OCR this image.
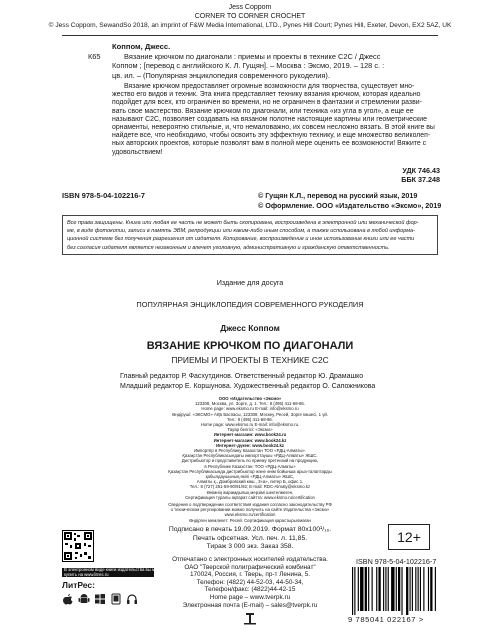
Jess Coppom
CORNER TO CORNER CROCHET
© Jess Coppom, SewandSo 2018, an imprint of F&W Media International, LTD., Pynes Hill Court; Pynes Hill, Exeter, Devon, EX2 5AZ, UK
Коппом, Джесс.
К65	Вязание крючком по диагонали : приемы и проекты в технике C2C / Джесс
Коппом ; [перевод с английского К. Л. Гущян]. – Москва : Эксмо, 2019. – 128 с. :
цв. ил. – (Популярная энциклопедия современного рукоделия).
Вязание крючком предоставляет огромные возможности для творчества, существует мно-
жество его видов и техник. Эта книга представляет технику вязания крючком, которая идеально
подойдет для всех, кто ограничен во времени, но не ограничен в фантазии и стремлении разви-
вать свое мастерство. Вязание крючком по диагонали, или техника «из угла в угол», а еще ее
называют C2C, позволяет создавать на вязаном полотне настоящие картины или геометрические
орнаменты, невероятно стильные, и, что немаловажно, их совсем несложно вязать. В этой книге вы
найдете все, что необходимо, чтобы освоить эту эффектную технику, и еще множество великолеп-
ных авторских проектов, которые позволят вам в полной мере оценить ее возможности! Вяжите с
удовольствием!
УДК 746.43
ББК 37.248
ISBN 978-5-04-102216-7	© Гущян К.Л., перевод на русский язык, 2019
© Оформление. ООО «Издательство «Эксмо», 2019
Все права защищены. Книга или любая ее часть не может быть скопирована, воспроизведена в электронной или механической фор-
ме, в виде фотокопии, записи в память ЭВМ, репродукции или каким-либо иным способом, а также использована в любой информа-
ционной системе без получения разрешения от издателя. Копирование, воспроизведение и иное использование книги или ее части
без согласия издателя является незаконным и влечет уголовную, административную и гражданскую ответственность.
Издание для досуга
ПОПУЛЯРНАЯ ЭНЦИКЛОПЕДИЯ СОВРЕМЕННОГО РУКОДЕЛИЯ
Джесс Коппом
ВЯЗАНИЕ КРЮЧКОМ ПО ДИАГОНАЛИ
ПРИЕМЫ И ПРОЕКТЫ В ТЕХНИКЕ C2C
Главный редактор Р. Фасхутдинов. Ответственный редактор Ю. Драмашко
Младший редактор Е. Коршунова. Художественный редактор О. Сапожникова
ООО «Издательство «Эксмо»
123308, Москва, ул. Зорге, д. 1. Тел.: 8 (495) 411-68-86.
Home page: www.eksmo.ru E-mail: info@eksmo.ru
Өндіруші: «ЭКСМО» АҚБ Баспасы, 123308, Мәскеу, Ресей, Зорге көшесі, 1 үй.
Тел.: 8 (495) 411-68-86.
Home page: www.eksmo.ru E-mail: info@eksmo.ru.
Тауар белгісі: «Эксмо»
Интернет-магазин: www.book24.ru
Интернет-магазин: www.book24.kz
Интернет-дүкен: www.book24.kz
Импортёр в Республику Казахстан ТОО «РДЦ-Алматы».
Қазақстан Республикасындағы импорттаушы «РДЦ-Алматы» ЖШС.
Дистрибьютор и представитель по приему претензий на продукцию,
в Республике Казахстан: ТОО «РДЦ-Алматы»
Қазақстан Республикасында дистрибьютор және өнім бойынша арыз-талаптарды
қабылдаушының өкілі «РДЦ-Алматы» ЖШС,
Алматы қ., Домбровский көш., 3«а», литер Б, офис 1.
Тел.: 8 (727) 251-59-90/91/92; E-mail: RDC-Almaty@eksmo.kz
Өнімнің жарамдылық мерзімі шектелмеген.
Сертификация туралы ақпарат сайтта: www.eksmo.ru/certification
Сведения о подтверждении соответствия издания согласно законодательству РФ
о техническом регулировании можно получить на сайте Издательства «Эксмо»
www.eksmo.ru/certification
Өндірген мемлекет: Ресей. Сертификация қарастырылмаған
Подписано в печать 19.09.2019. Формат 80x100¹/₁₆.
Печать офсетная. Усл. печ. л. 11,85.
Тираж 3 000 экз. Заказ 358.
12+
Отпечатано с электронных носителей издательства.
ОАО "Тверской полиграфический комбинат"
170024, Россия, г. Тверь, пр-т Ленина, 5.
Телефон: (4822) 44-52-03, 44-50-34,
Телефон/факс: (4822)44-42-15
Home page – www.tverpk.ru
Электронная почта (E-mail) – sales@tverpk.ru
В электронном виде книги издательства вы можете
купить на www.litres.ru
ЛитРес:
ISBN 978-5-04-102216-7
9 785041 022167 >
